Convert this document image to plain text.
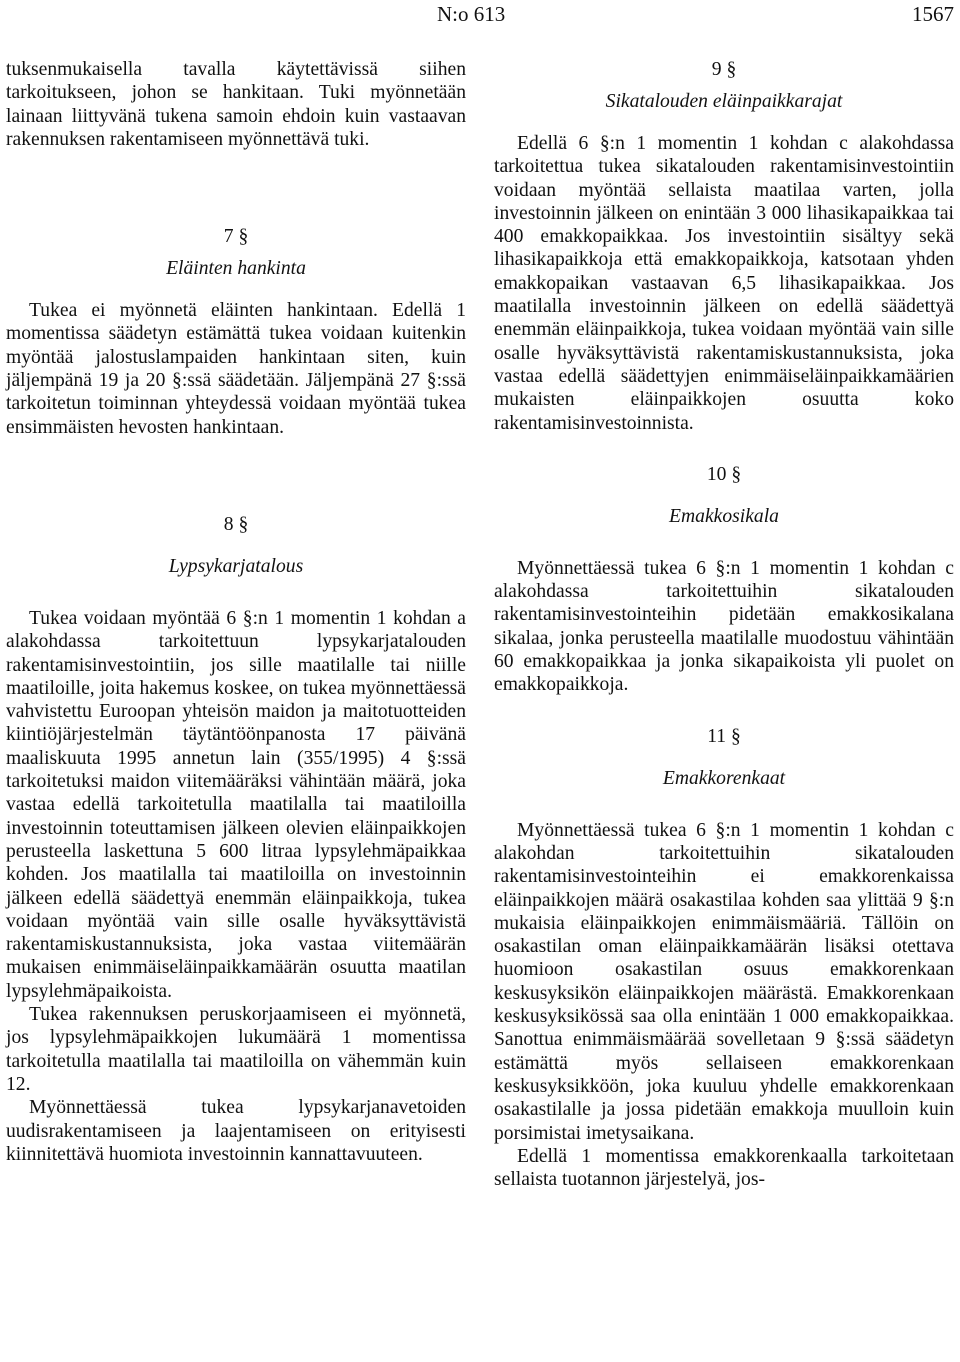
N:o 613	1567

tuksenmukaisella tavalla käytettävissä siihen tarkoitukseen, johon se hankitaan. Tuki myönnetään lainaan liittyvänä tukena samoin ehdoin kuin vastaavan rakennuksen rakentamiseen myönnettävä tuki.

7 §
Eläinten hankinta

Tukea ei myönnetä eläinten hankintaan. Edellä 1 momentissa säädetyn estämättä tukea voidaan kuitenkin myöntää jalostuslampaiden hankintaan siten, kuin jäljempänä 19 ja 20 §:ssä säädetään. Jäljempänä 27 §:ssä tarkoitetun toiminnan yhteydessä voidaan myöntää tukea ensimmäisten hevosten hankintaan.

8 §
Lypsykarjatalous

Tukea voidaan myöntää 6 §:n 1 momentin 1 kohdan a alakohdassa tarkoitettuun lypsykarjatalouden rakentamisinvestointiin, jos sille maatilalle tai niille maatiloille, joita hakemus koskee, on tukea myönnettäessä vahvistettu Euroopan yhteisön maidon ja maitotuotteiden kiintiöjärjestelmän täytäntöönpanosta 17 päivänä maaliskuuta 1995 annetun lain (355/1995) 4 §:ssä tarkoitetuksi maidon viitemääräksi vähintään määrä, joka vastaa edellä tarkoitetulla maatilalla tai maatiloilla investoinnin toteuttamisen jälkeen olevien eläinpaikkojen perusteella laskettuna 5 600 litraa lypsylehmäpaikkaa kohden. Jos maatilalla tai maatiloilla on investoinnin jälkeen edellä säädettyä enemmän eläinpaikkoja, tukea voidaan myöntää vain sille osalle hyväksyttävistä rakentamiskustannuksista, joka vastaa viitemäärän mukaisen enimmäiseläinpaikkamäärän osuutta maatilan lypsylehmäpaikoista.

Tukea rakennuksen peruskorjaamiseen ei myönnetä, jos lypsylehmäpaikkojen lukumäärä 1 momentissa tarkoitetulla maatilalla tai maatiloilla on vähemmän kuin 12.

Myönnettäessä tukea lypsykarjanavetoiden uudisrakentamiseen ja laajentamiseen on erityisesti kiinnitettävä huomiota investoinnin kannattavuuteen.

9 §
Sikatalouden eläinpaikkarajat

Edellä 6 §:n 1 momentin 1 kohdan c alakohdassa tarkoitettua tukea sikatalouden rakentamisinvestointiin voidaan myöntää sellaista maatilaa varten, jolla investoinnin jälkeen on enintään 3 000 lihasikapaikkaa tai 400 emakkopaikkaa. Jos investointiin sisältyy sekä lihasikapaikkoja että emakkopaikkoja, katsotaan yhden emakkopaikan vastaavan 6,5 lihasikapaikkaa. Jos maatilalla investoinnin jälkeen on edellä säädettyä enemmän eläinpaikkoja, tukea voidaan myöntää vain sille osalle hyväksyttävistä rakentamiskustannuksista, joka vastaa edellä säädettyjen enimmäiseläinpaikkamäärien mukaisten eläinpaikkojen osuutta koko rakentamisinvestoinnista.

10 §
Emakkosikala

Myönnettäessä tukea 6 §:n 1 momentin 1 kohdan c alakohdassa tarkoitettuihin sikatalouden rakentamisinvestointeihin pidetään emakkosikalana sikalaa, jonka perusteella maatilalle muodostuu vähintään 60 emakkopaikkaa ja jonka sikapaikoista yli puolet on emakkopaikkoja.

11 §
Emakkorenkaat

Myönnettäessä tukea 6 §:n 1 momentin 1 kohdan c alakohdan tarkoitettuihin sikatalouden rakentamisinvestointeihin ei emakkorenkaissa eläinpaikkojen määrä osakastilaa kohden saa ylittää 9 §:n mukaisia eläinpaikkojen enimmäismääriä. Tällöin on osakastilan oman eläinpaikkamäärän lisäksi otettava huomioon osakastilan osuus emakkorenkaan keskusyksikön eläinpaikkojen määrästä. Emakkorenkaan keskusyksikössä saa olla enintään 1 000 emakkopaikkaa. Sanottua enimmäismäärää sovelletaan 9 §:ssä säädetyn estämättä myös sellaiseen emakkorenkaan keskusyksikköön, joka kuuluu yhdelle emakkorenkaan osakastilalle ja jossa pidetään emakkoja muulloin kuin porsimistai imetysaikana.

Edellä 1 momentissa emakkorenkaalla tarkoitetaan sellaista tuotannon järjestelyä, jos-
